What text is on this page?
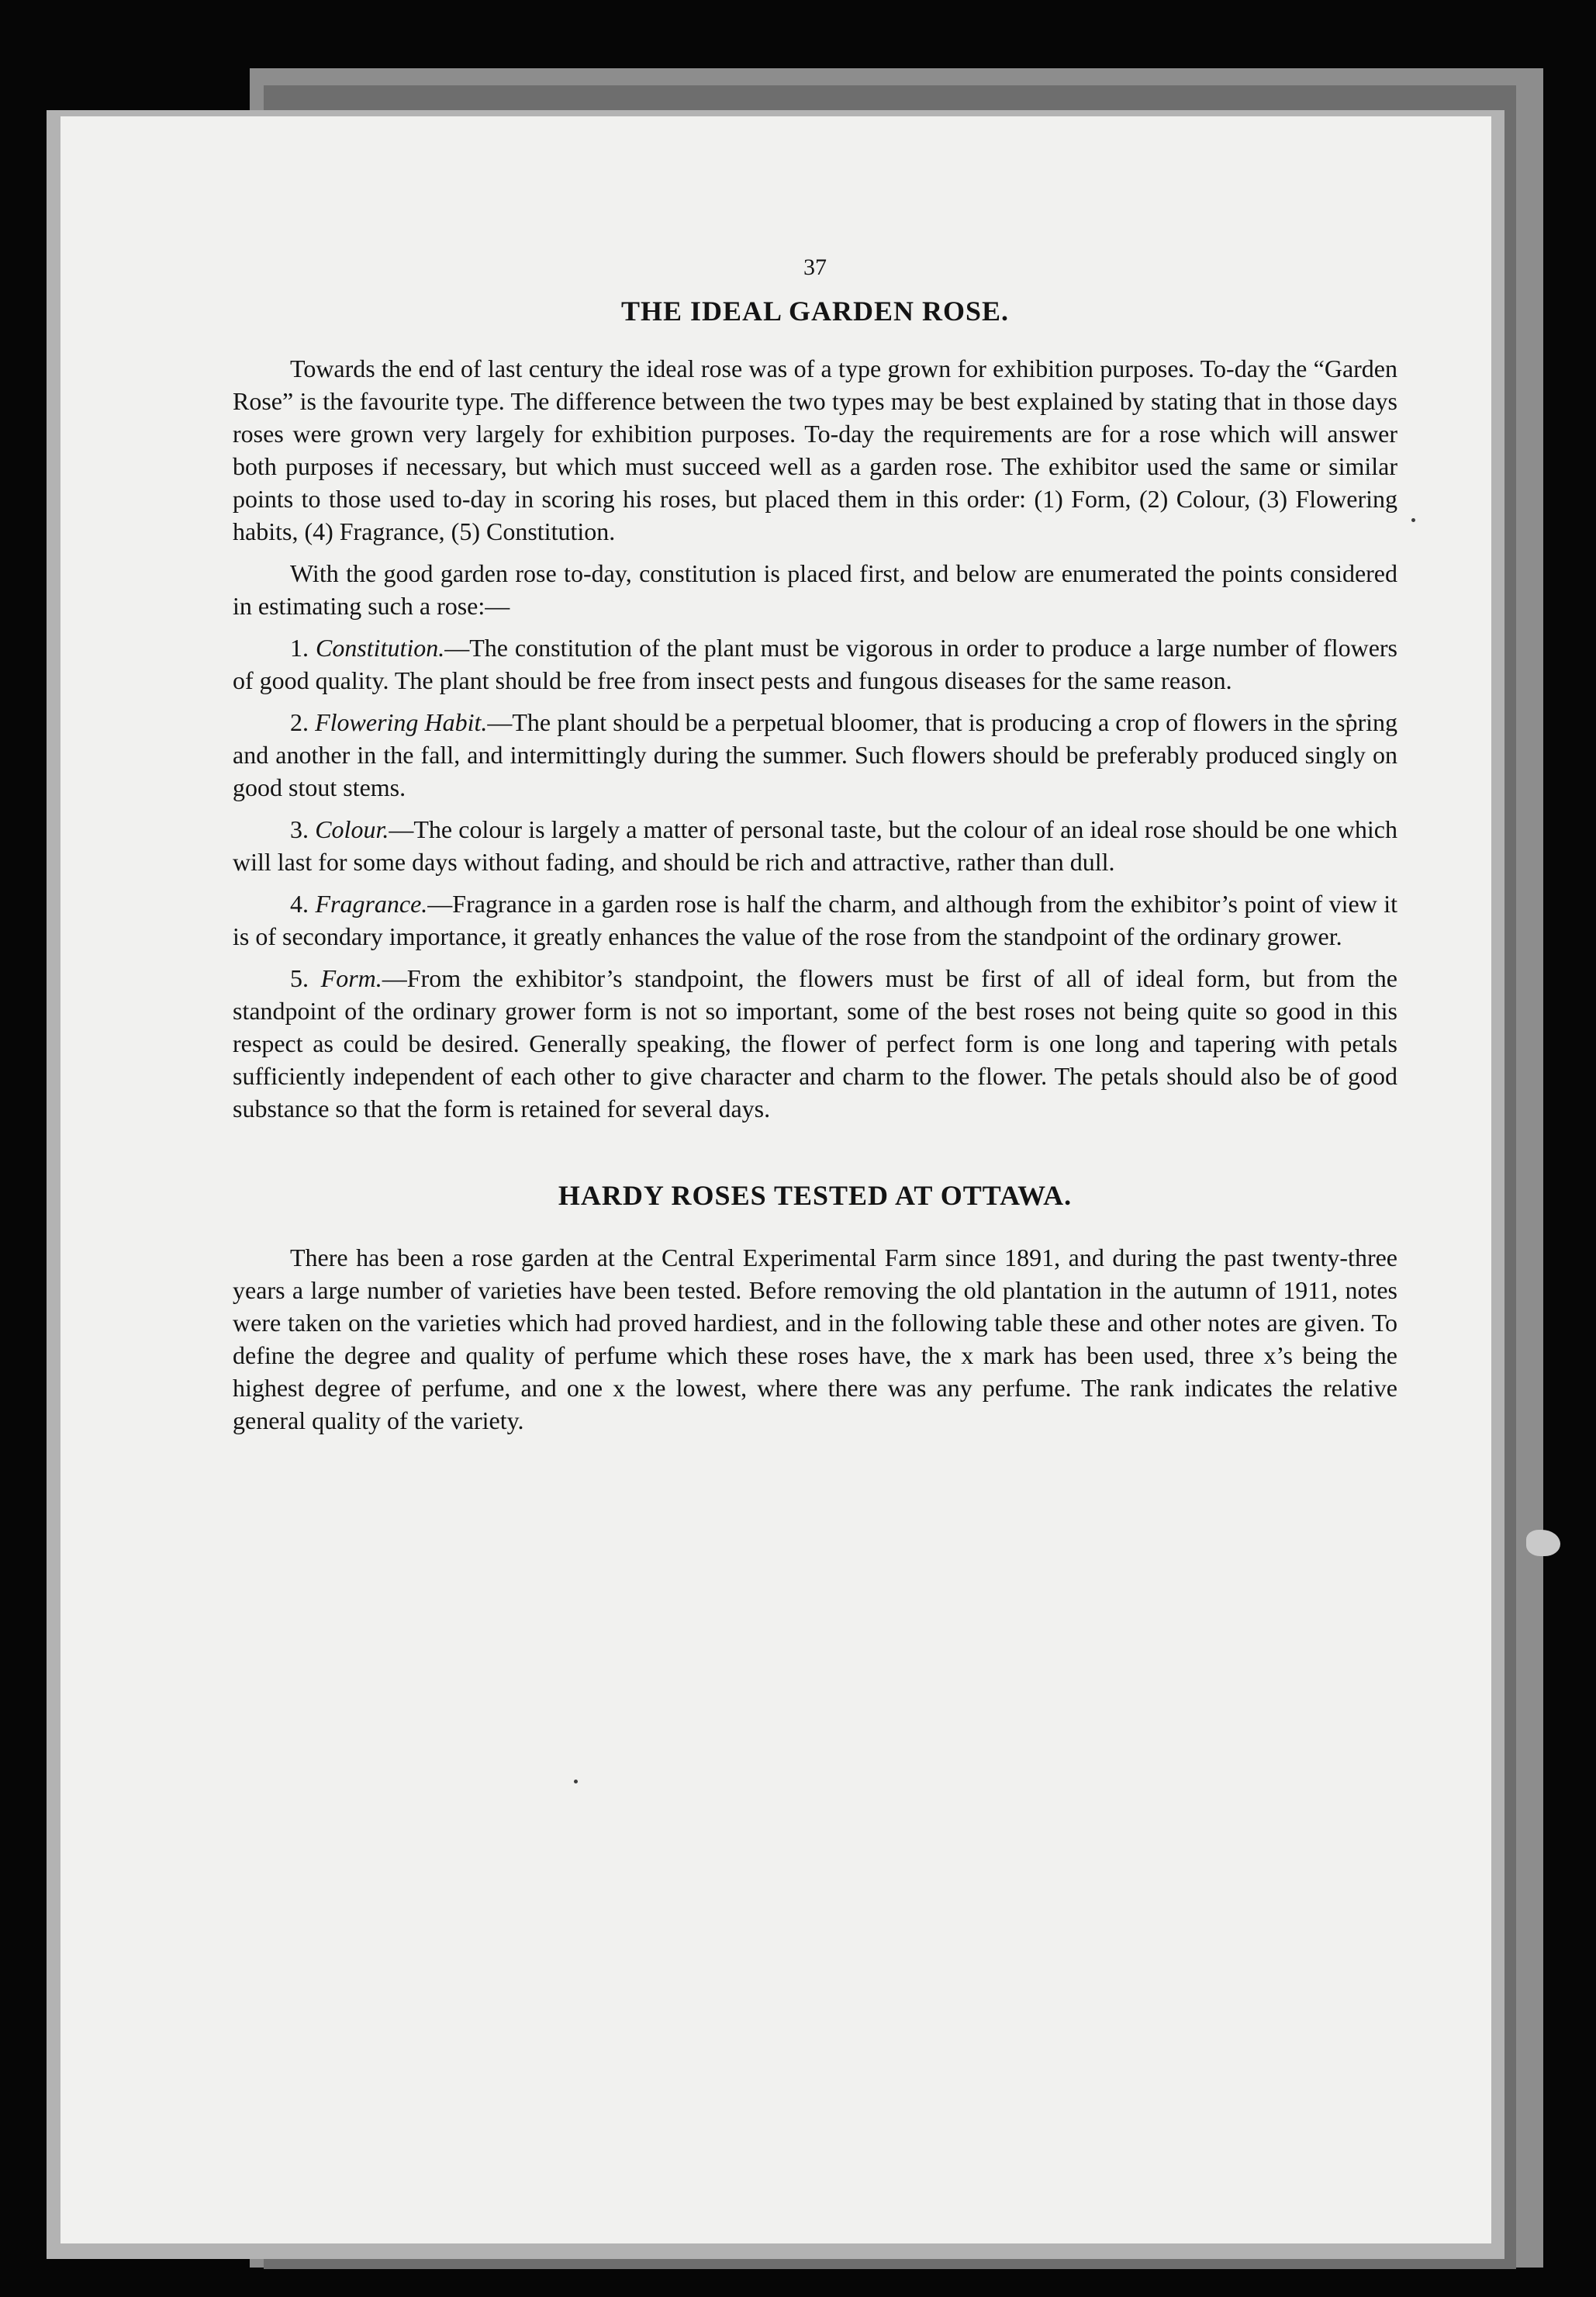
37
THE IDEAL GARDEN ROSE.

Towards the end of last century the ideal rose was of a type grown for exhibition purposes. To-day the “Garden Rose” is the favourite type. The difference between the two types may be best explained by stating that in those days roses were grown very largely for exhibition purposes. To-day the requirements are for a rose which will answer both purposes if necessary, but which must succeed well as a garden rose. The exhibitor used the same or similar points to those used to-day in scoring his roses, but placed them in this order: (1) Form, (2) Colour, (3) Flowering habits, (4) Fragrance, (5) Constitution.

With the good garden rose to-day, constitution is placed first, and below are enumerated the points considered in estimating such a rose:—

1. Constitution.—The constitution of the plant must be vigorous in order to produce a large number of flowers of good quality. The plant should be free from insect pests and fungous diseases for the same reason.

2. Flowering Habit.—The plant should be a perpetual bloomer, that is producing a crop of flowers in the spring and another in the fall, and intermittingly during the summer. Such flowers should be preferably produced singly on good stout stems.

3. Colour.—The colour is largely a matter of personal taste, but the colour of an ideal rose should be one which will last for some days without fading, and should be rich and attractive, rather than dull.

4. Fragrance.—Fragrance in a garden rose is half the charm, and although from the exhibitor’s point of view it is of secondary importance, it greatly enhances the value of the rose from the standpoint of the ordinary grower.

5. Form.—From the exhibitor’s standpoint, the flowers must be first of all of ideal form, but from the standpoint of the ordinary grower form is not so important, some of the best roses not being quite so good in this respect as could be desired. Generally speaking, the flower of perfect form is one long and tapering with petals sufficiently independent of each other to give character and charm to the flower. The petals should also be of good substance so that the form is retained for several days.

HARDY ROSES TESTED AT OTTAWA.

There has been a rose garden at the Central Experimental Farm since 1891, and during the past twenty-three years a large number of varieties have been tested. Before removing the old plantation in the autumn of 1911, notes were taken on the varieties which had proved hardiest, and in the following table these and other notes are given. To define the degree and quality of perfume which these roses have, the x mark has been used, three x’s being the highest degree of perfume, and one x the lowest, where there was any perfume. The rank indicates the relative general quality of the variety.
